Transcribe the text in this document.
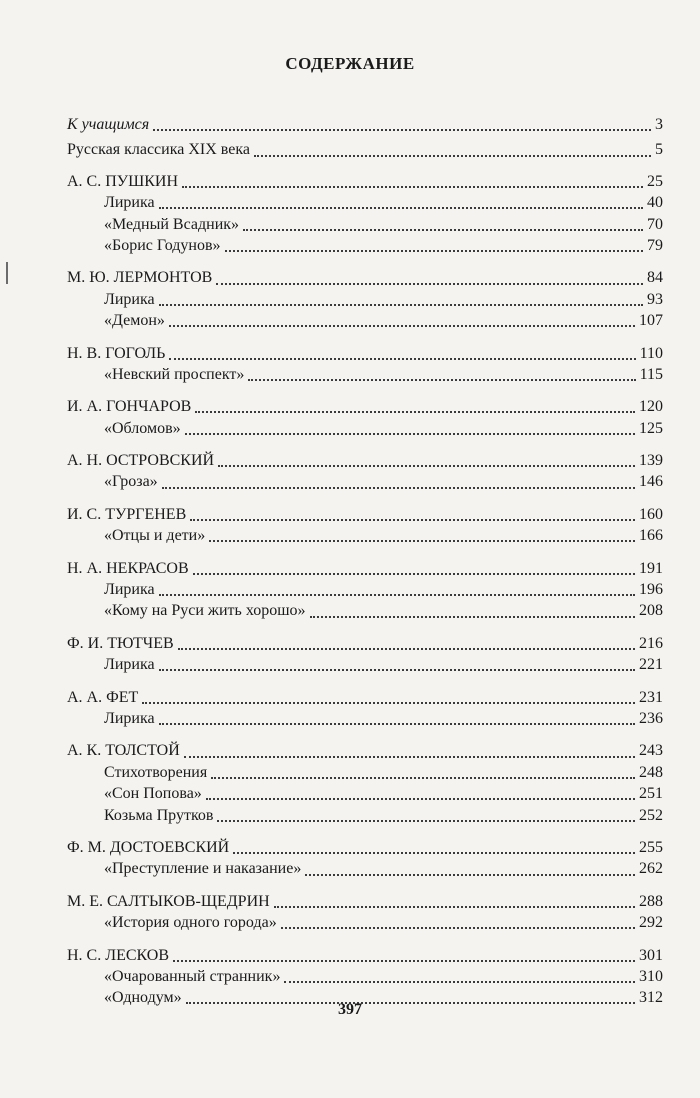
СОДЕРЖАНИЕ
К учащимся	3
Русская классика XIX века	5
А. С. ПУШКИН	25
Лирика	40
«Медный Всадник»	70
«Борис Годунов»	79
М. Ю. ЛЕРМОНТОВ	84
Лирика	93
«Демон»	107
Н. В. ГОГОЛЬ	110
«Невский проспект»	115
И. А. ГОНЧАРОВ	120
«Обломов»	125
А. Н. ОСТРОВСКИЙ	139
«Гроза»	146
И. С. ТУРГЕНЕВ	160
«Отцы и дети»	166
Н. А. НЕКРАСОВ	191
Лирика	196
«Кому на Руси жить хорошо»	208
Ф. И. ТЮТЧЕВ	216
Лирика	221
А. А. ФЕТ	231
Лирика	236
А. К. ТОЛСТОЙ	243
Стихотворения	248
«Сон Попова»	251
Козьма Прутков	252
Ф. М. ДОСТОЕВСКИЙ	255
«Преступление и наказание»	262
М. Е. САЛТЫКОВ-ЩЕДРИН	288
«История одного города»	292
Н. С. ЛЕСКОВ	301
«Очарованный странник»	310
«Однодум»	312
397
